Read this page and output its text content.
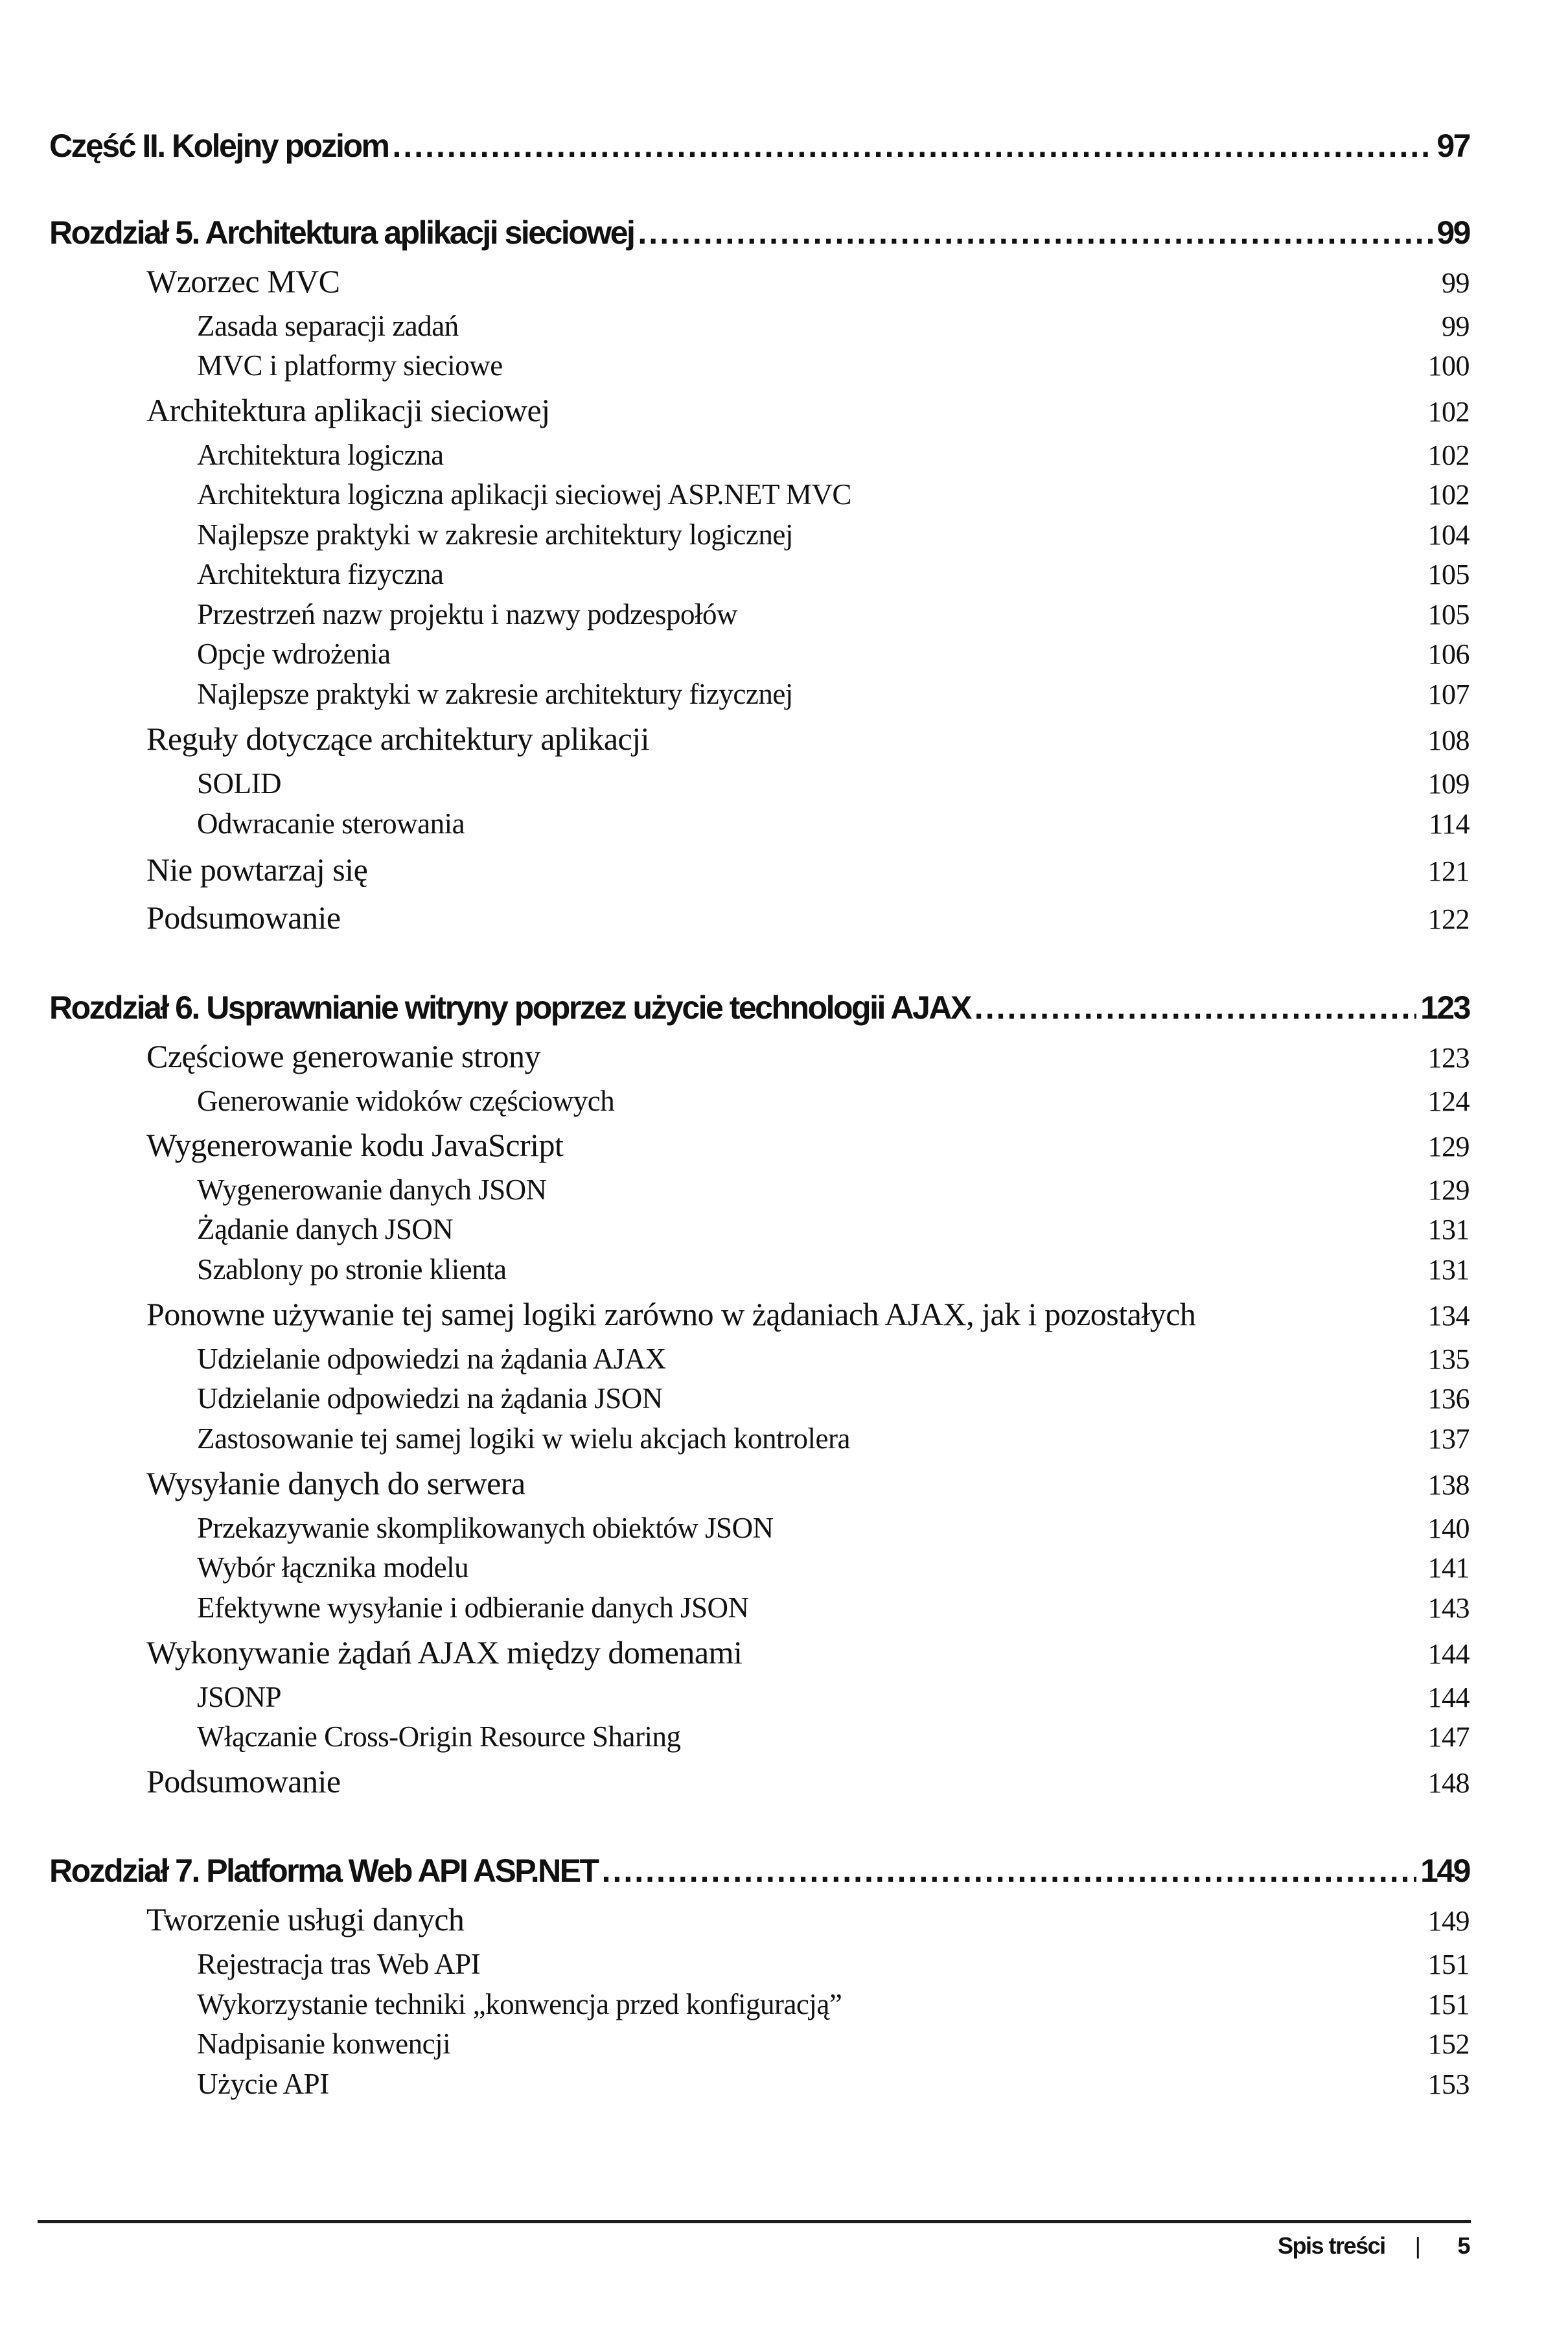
Część II. Kolejny poziom .....	97
Rozdział 5. Architektura aplikacji sieciowej .....	99
Wzorzec MVC	99
Zasada separacji zadań	99
MVC i platformy sieciowe	100
Architektura aplikacji sieciowej	102
Architektura logiczna	102
Architektura logiczna aplikacji sieciowej ASP.NET MVC	102
Najlepsze praktyki w zakresie architektury logicznej	104
Architektura fizyczna	105
Przestrzeń nazw projektu i nazwy podzespołów	105
Opcje wdrożenia	106
Najlepsze praktyki w zakresie architektury fizycznej	107
Reguły dotyczące architektury aplikacji	108
SOLID	109
Odwracanie sterowania	114
Nie powtarzaj się	121
Podsumowanie	122
Rozdział 6. Usprawnianie witryny poprzez użycie technologii AJAX .....	123
Częściowe generowanie strony	123
Generowanie widoków częściowych	124
Wygenerowanie kodu JavaScript	129
Wygenerowanie danych JSON	129
Żądanie danych JSON	131
Szablony po stronie klienta	131
Ponowne używanie tej samej logiki zarówno w żądaniach AJAX, jak i pozostałych	134
Udzielanie odpowiedzi na żądania AJAX	135
Udzielanie odpowiedzi na żądania JSON	136
Zastosowanie tej samej logiki w wielu akcjach kontrolera	137
Wysyłanie danych do serwera	138
Przekazywanie skomplikowanych obiektów JSON	140
Wybór łącznika modelu	141
Efektywne wysyłanie i odbieranie danych JSON	143
Wykonywanie żądań AJAX między domenami	144
JSONP	144
Włączanie Cross-Origin Resource Sharing	147
Podsumowanie	148
Rozdział 7. Platforma Web API ASP.NET .....	149
Tworzenie usługi danych	149
Rejestracja tras Web API	151
Wykorzystanie techniki „konwencja przed konfiguracją”	151
Nadpisanie konwencji	152
Użycie API	153
Spis treści | 5
